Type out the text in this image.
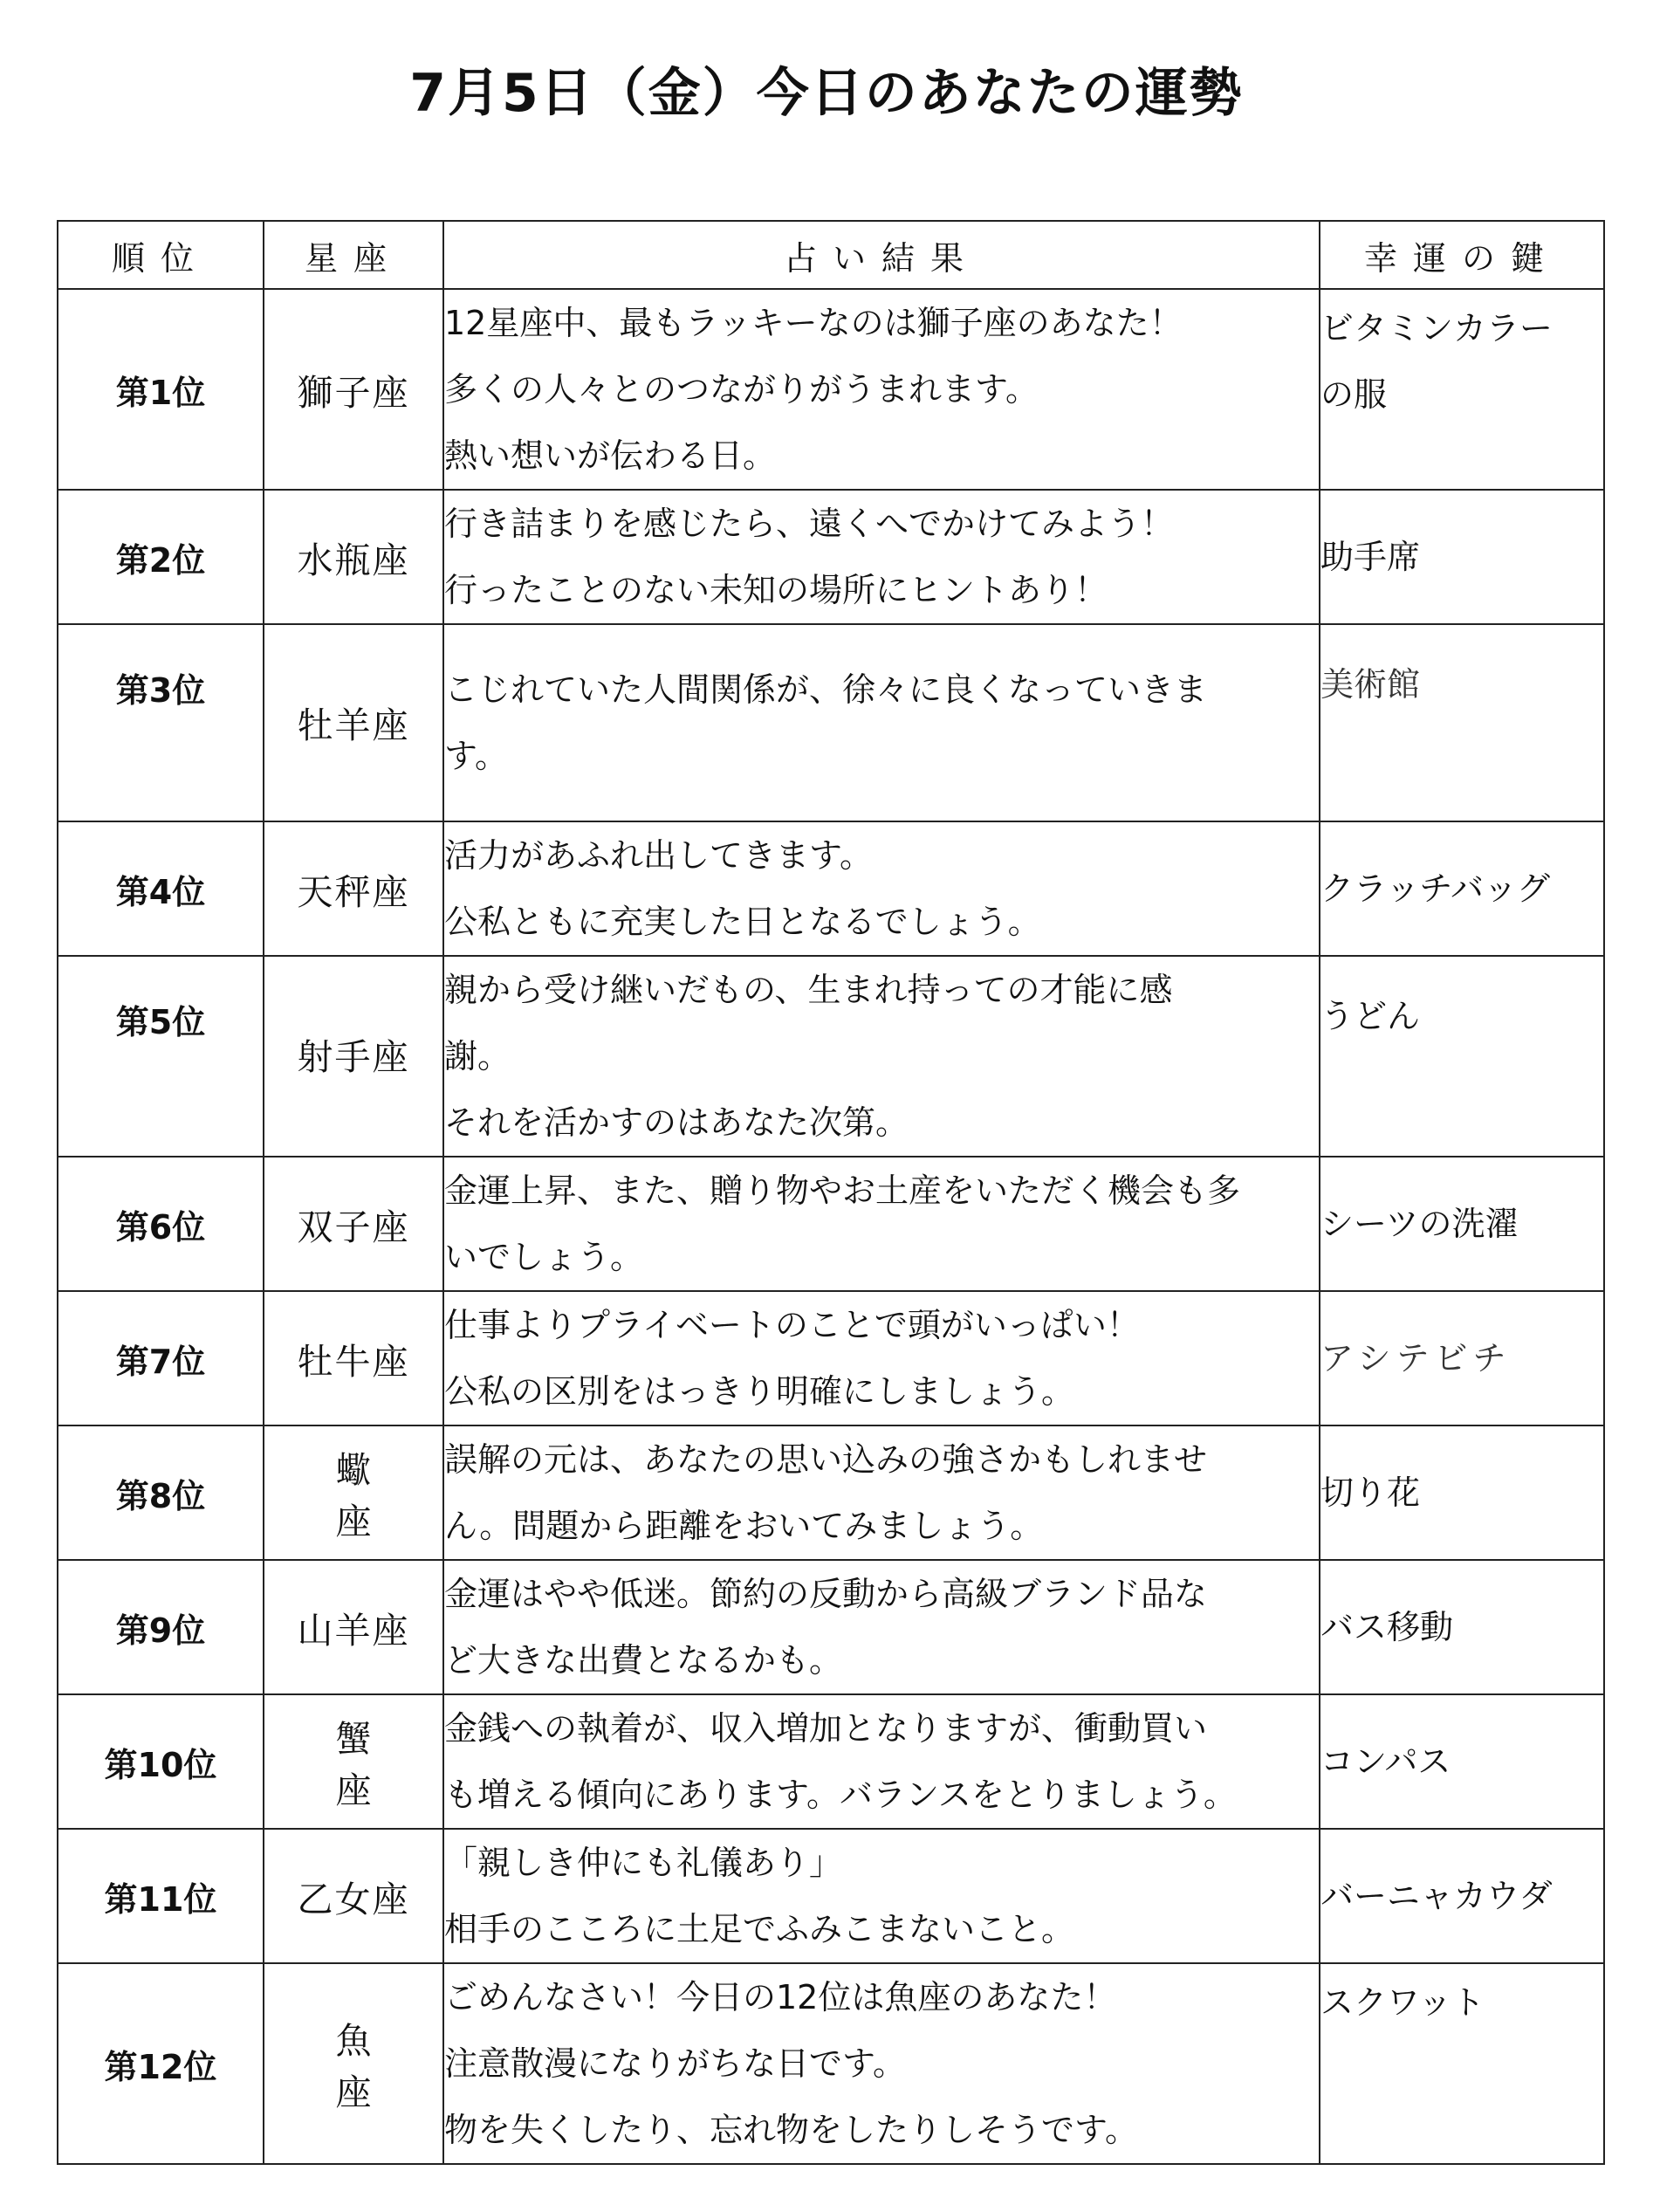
7月5日（金）今日のあなたの運勢
順位	星座	占い結果	幸運の鍵
第1位	獅子座	12星座中、最もラッキーなのは獅子座のあなた！
多くの人々とのつながりがうまれます。
熱い想いが伝わる日。	ビタミンカラー
の服

第2位	水瓶座	行き詰まりを感じたら、遠くへでかけてみよう！
行ったことのない未知の場所にヒントあり！	助手席
第3位	牡羊座	こじれていた人間関係が、徐々に良くなっていきま
す。	美術館
第4位	天秤座	活力があふれ出してきます。
公私ともに充実した日となるでしょう。	クラッチバッグ
第5位	射手座	親から受け継いだもの、生まれ持っての才能に感
謝。
それを活かすのはあなた次第。	うどん
第6位	双子座	金運上昇、また、贈り物やお土産をいただく機会も多
いでしょう。	シーツの洗濯
第7位	牡牛座	仕事よりプライベートのことで頭がいっぱい！
公私の区別をはっきり明確にしましょう。	アシテビチ
第8位	蠍座	誤解の元は、あなたの思い込みの強さかもしれませ
ん。問題から距離をおいてみましょう。	切り花
第9位	山羊座	金運はやや低迷。節約の反動から高級ブランド品な
ど大きな出費となるかも。	バス移動
第10位	蟹座	金銭への執着が、収入増加となりますが、衝動買い
も増える傾向にあります。バランスをとりましょう。	コンパス
第11位	乙女座	「親しき仲にも礼儀あり」
相手のこころに土足でふみこまないこと。	バーニャカウダ
第12位	魚座	ごめんなさい！今日の12位は魚座のあなた！
注意散漫になりがちな日です。
物を失くしたり、忘れ物をしたりしそうです。	スクワット
